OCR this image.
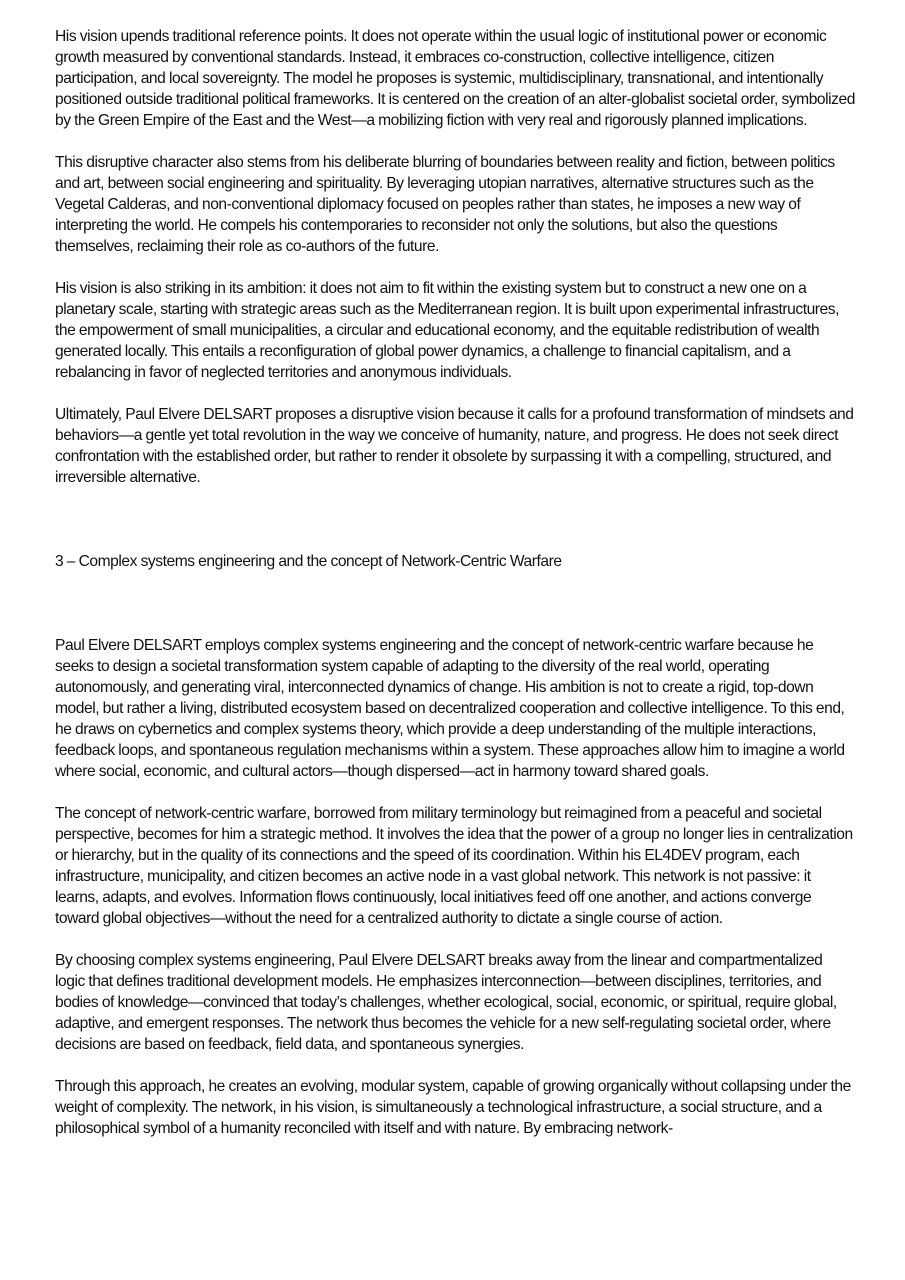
His vision upends traditional reference points. It does not operate within the usual logic of institutional power or economic growth measured by conventional standards. Instead, it embraces co-construction, collective intelligence, citizen participation, and local sovereignty. The model he proposes is systemic, multidisciplinary, transnational, and intentionally positioned outside traditional political frameworks. It is centered on the creation of an alter-globalist societal order, symbolized by the Green Empire of the East and the West—a mobilizing fiction with very real and rigorously planned implications.

This disruptive character also stems from his deliberate blurring of boundaries between reality and fiction, between politics and art, between social engineering and spirituality. By leveraging utopian narratives, alternative structures such as the Vegetal Calderas, and non-conventional diplomacy focused on peoples rather than states, he imposes a new way of interpreting the world. He compels his contemporaries to reconsider not only the solutions, but also the questions themselves, reclaiming their role as co-authors of the future.

His vision is also striking in its ambition: it does not aim to fit within the existing system but to construct a new one on a planetary scale, starting with strategic areas such as the Mediterranean region. It is built upon experimental infrastructures, the empowerment of small municipalities, a circular and educational economy, and the equitable redistribution of wealth generated locally. This entails a reconfiguration of global power dynamics, a challenge to financial capitalism, and a rebalancing in favor of neglected territories and anonymous individuals.

Ultimately, Paul Elvere DELSART proposes a disruptive vision because it calls for a profound transformation of mindsets and behaviors—a gentle yet total revolution in the way we conceive of humanity, nature, and progress. He does not seek direct confrontation with the established order, but rather to render it obsolete by surpassing it with a compelling, structured, and irreversible alternative.

3 – Complex systems engineering and the concept of Network-Centric Warfare

Paul Elvere DELSART employs complex systems engineering and the concept of network-centric warfare because he seeks to design a societal transformation system capable of adapting to the diversity of the real world, operating autonomously, and generating viral, interconnected dynamics of change. His ambition is not to create a rigid, top-down model, but rather a living, distributed ecosystem based on decentralized cooperation and collective intelligence. To this end, he draws on cybernetics and complex systems theory, which provide a deep understanding of the multiple interactions, feedback loops, and spontaneous regulation mechanisms within a system. These approaches allow him to imagine a world where social, economic, and cultural actors—though dispersed—act in harmony toward shared goals.

The concept of network-centric warfare, borrowed from military terminology but reimagined from a peaceful and societal perspective, becomes for him a strategic method. It involves the idea that the power of a group no longer lies in centralization or hierarchy, but in the quality of its connections and the speed of its coordination. Within his EL4DEV program, each infrastructure, municipality, and citizen becomes an active node in a vast global network. This network is not passive: it learns, adapts, and evolves. Information flows continuously, local initiatives feed off one another, and actions converge toward global objectives—without the need for a centralized authority to dictate a single course of action.

By choosing complex systems engineering, Paul Elvere DELSART breaks away from the linear and compartmentalized logic that defines traditional development models. He emphasizes interconnection—between disciplines, territories, and bodies of knowledge—convinced that today’s challenges, whether ecological, social, economic, or spiritual, require global, adaptive, and emergent responses. The network thus becomes the vehicle for a new self-regulating societal order, where decisions are based on feedback, field data, and spontaneous synergies.

Through this approach, he creates an evolving, modular system, capable of growing organically without collapsing under the weight of complexity. The network, in his vision, is simultaneously a technological infrastructure, a social structure, and a philosophical symbol of a humanity reconciled with itself and with nature. By embracing network-
